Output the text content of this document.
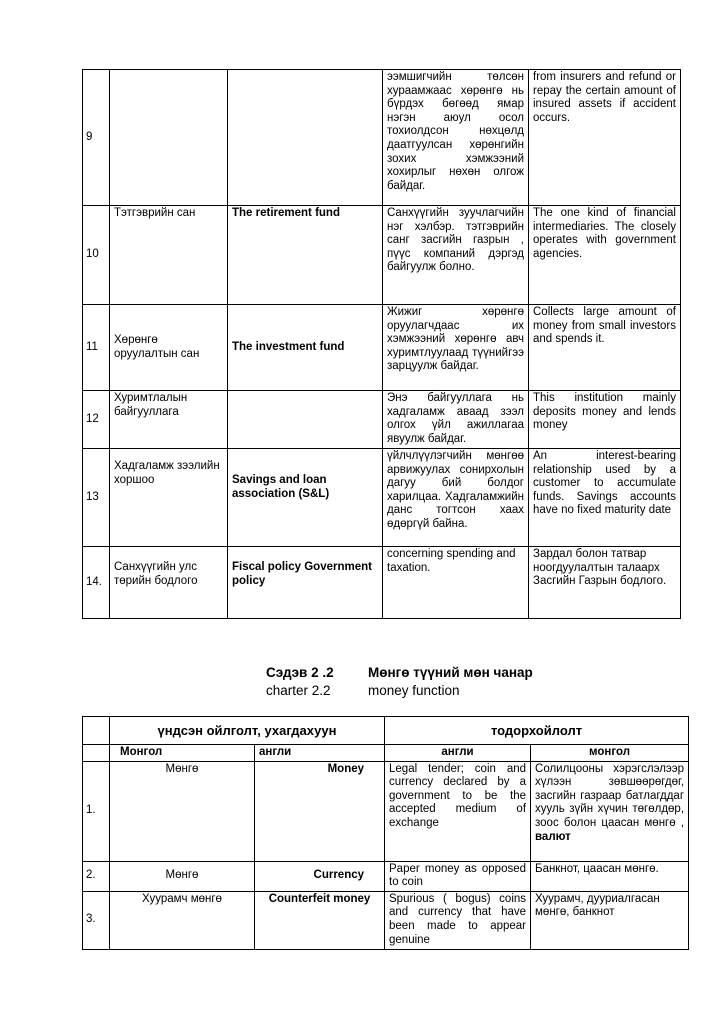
9			ээмшигчийн төлсөн хураамжаас хөрөнгө нь бүрдэх бөгөөд ямар нэгэн аюул осол тохиолдсон нөхцөлд даатгуулсан хөрөнгийн зохих хэмжээний хохирлыг нөхөн олгож байдаг.	from insurers and refund or repay the certain amount of insured assets if accident occurs.
10	Тэтгэврийн сан	The retirement fund	Санхүүгийн зуучлагчийн нэг хэлбэр. тэтгэврийн санг засгийн газрын , пүүс компаний дэргэд байгуулж болно.	The one kind of financial intermediaries. The closely operates with government agencies.
11	Хөрөнгө оруулалтын сан	The investment fund	Жижиг хөрөнгө оруулагчдаас их хэмжээний хөрөнгө авч хуримтлуулаад түүнийгээ зарцуулж байдаг.	Collects large amount of money from small investors and spends it.
12	Хуримтлалын байгууллага		Энэ байгууллага нь хадгаламж аваад зээл олгох үйл ажиллагаа явуулж байдаг.	This institution mainly deposits money and lends money
13	Хадгаламж зээлийн хоршоо	Savings and loan association (S&L)	үйлчлүүлэгчийн мөнгөө арвижуулах сонирхолын дагуу бий болдог харилцаа. Хадгаламжийн данс тогтсон хаах өдөргүй байна.	An interest-bearing relationship used by a customer to accumulate funds. Savings accounts have no fixed maturity date
14.	Санхүүгийн улс төрийн бодлого	Fiscal policy Government policy	concerning spending and taxation.	Зардал болон татвар ноогдуулалтын талаарх Засгийн Газрын бодлого.
Сэдэв 2 .2	Мөнгө түүний мөн чанар
charter 2.2	money function
	үндсэн ойлголт, ухагдахуун		тодорхойлолт	
	Монгол	англи	англи	монгол
1.	Мөнгө	Money	Legal tender; coin and currency declared by a government to be the accepted medium of exchange	Солилцооны хэрэгслэлээр хүлээн зөвшөөрөгдөг, засгийн газраар батлагддаг хууль зүйн хүчин төгөлдөр, зоос болон цаасан мөнгө , валют
2.	Мөнгө	Currency	Paper money as opposed to coin	Банкнот, цаасан мөнгө.
3.	Хуурамч мөнгө	Counterfeit money	Spurious ( bogus) coins and currency that have been made to appear genuine	Хуурамч, дууриалгасан мөнгө, банкнот
